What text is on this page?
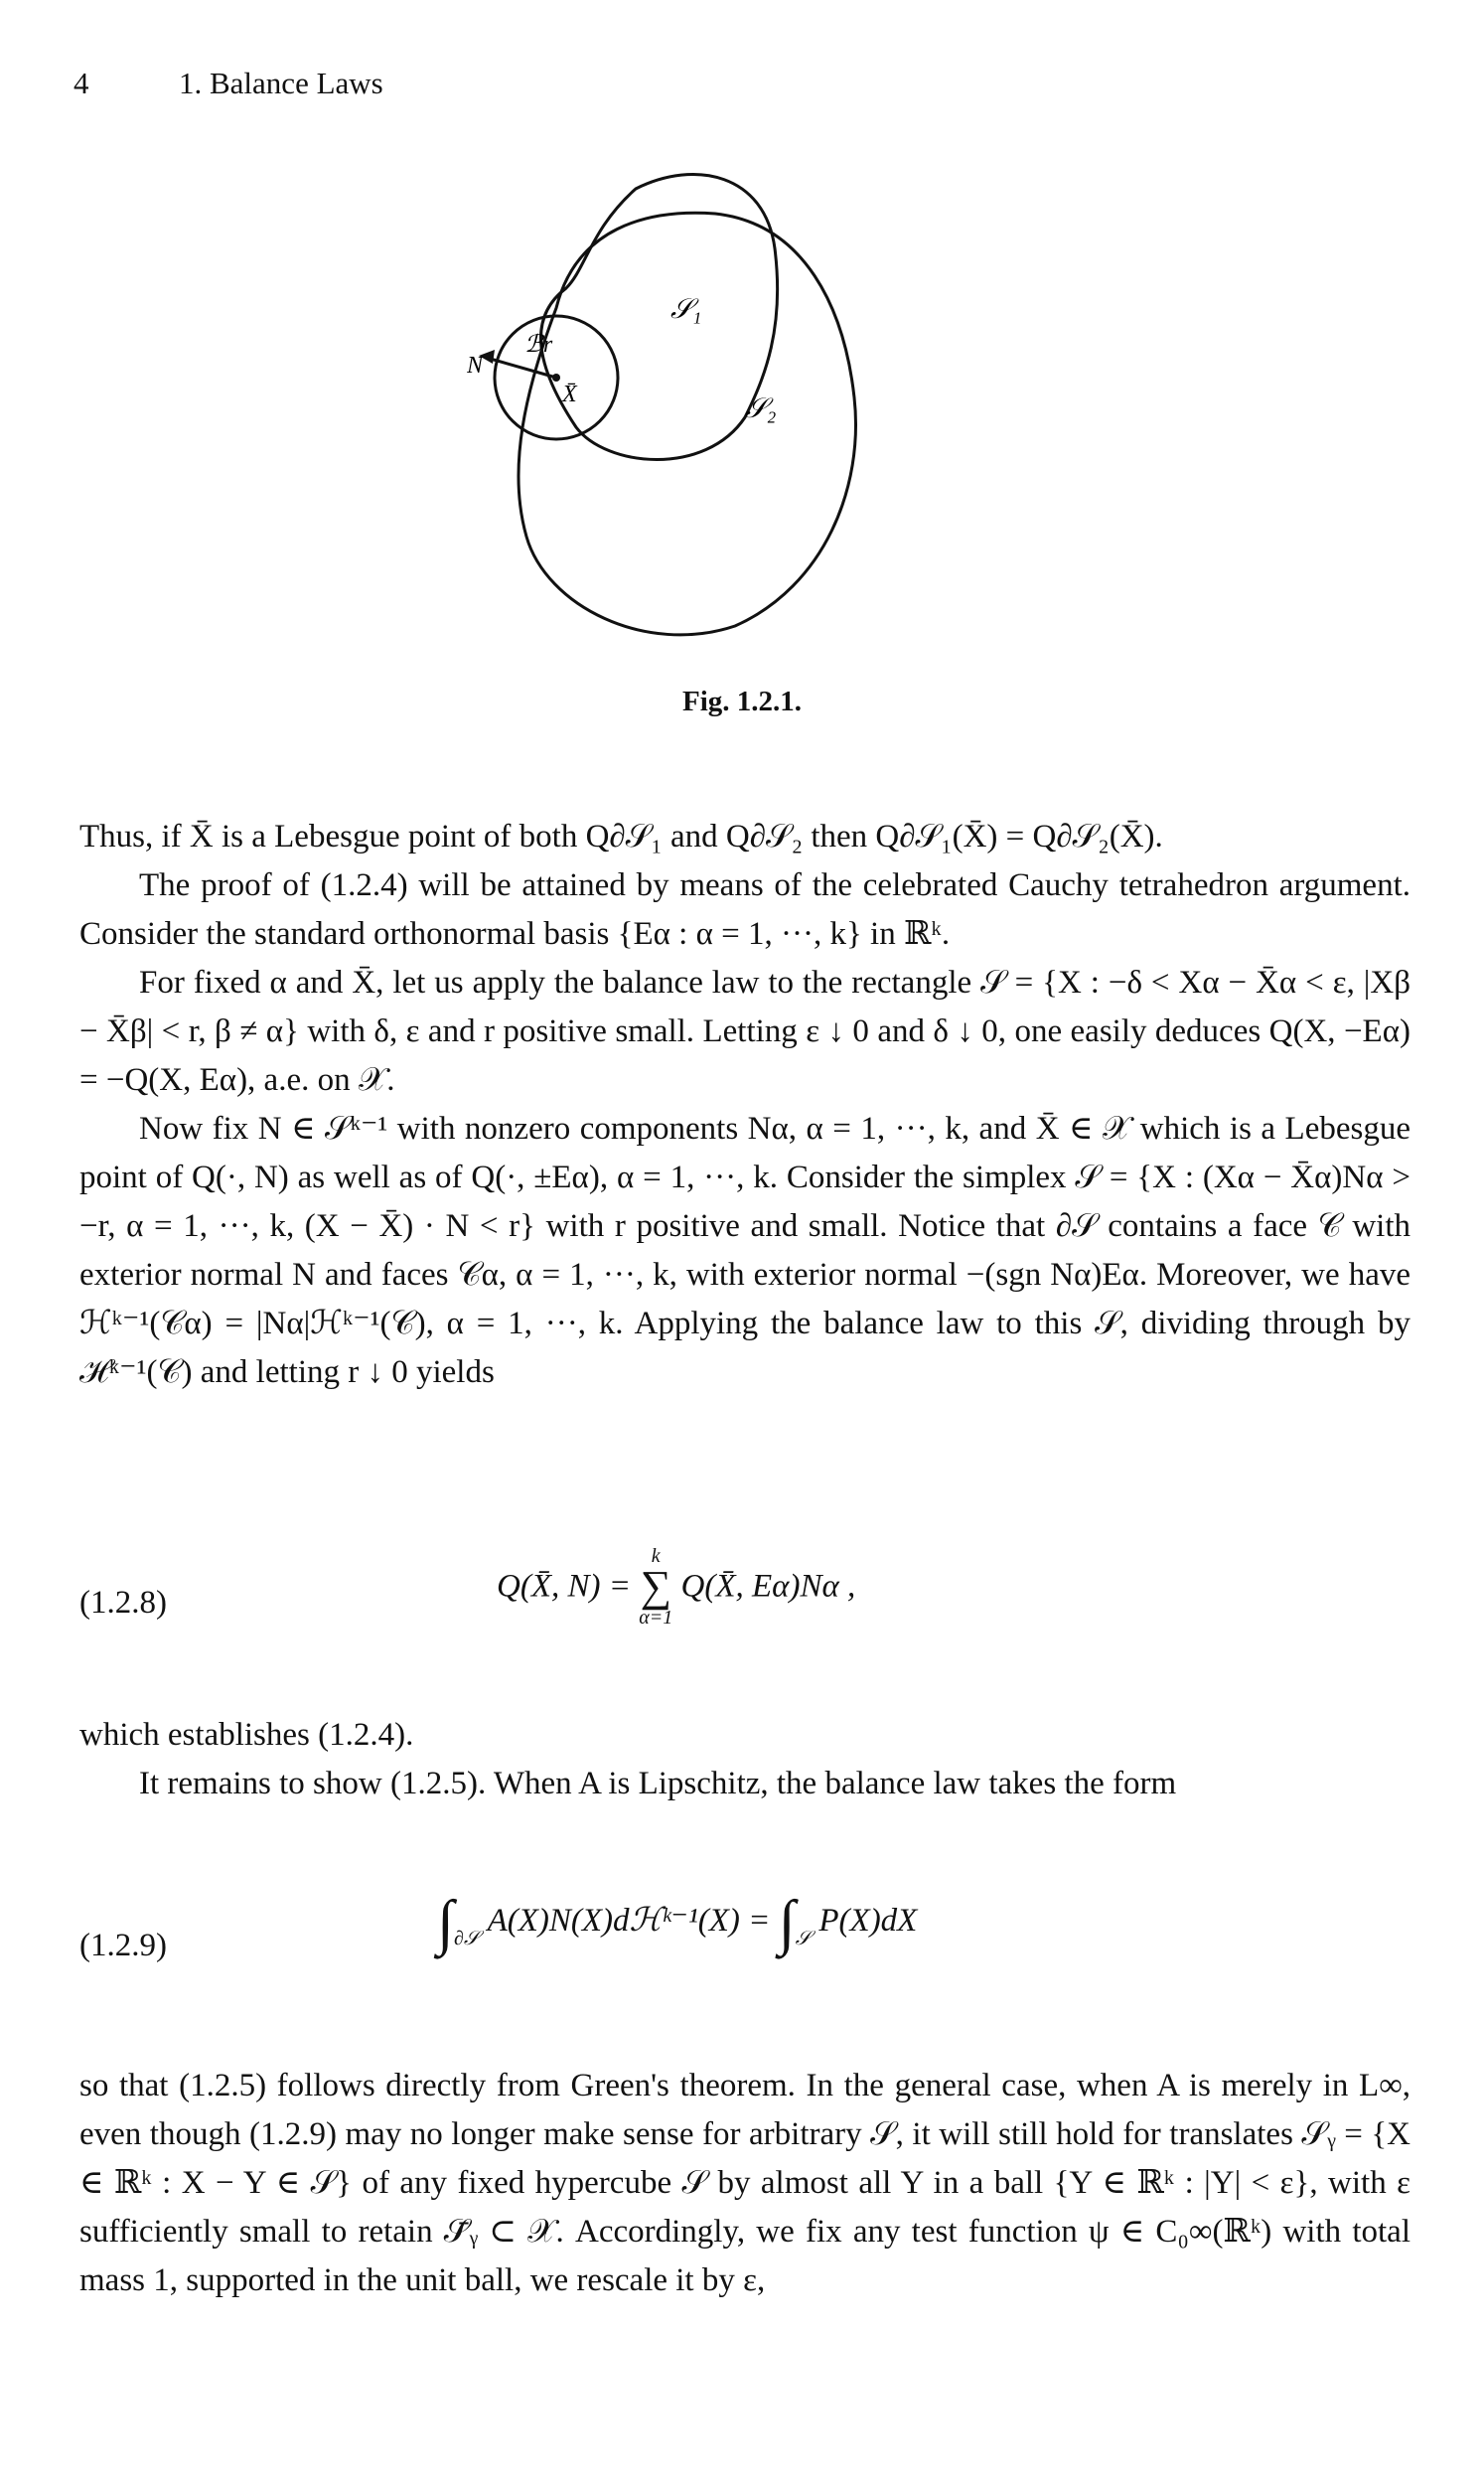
4	1. Balance Laws
N
ℬr
X̄
𝒮₁
𝒮₂
Fig. 1.2.1.

Thus, if X̄ is a Lebesgue point of both Q∂𝒮₁ and Q∂𝒮₂ then Q∂𝒮₁(X̄) = Q∂𝒮₂(X̄).

The proof of (1.2.4) will be attained by means of the celebrated Cauchy tetrahedron argument. Consider the standard orthonormal basis {Eα : α = 1, ···, k} in ℝᵏ.

For fixed α and X̄, let us apply the balance law to the rectangle 𝒮 = {X : −δ < Xα − X̄α < ε, |Xβ − X̄β| < r, β ≠ α} with δ, ε and r positive small. Letting ε ↓ 0 and δ ↓ 0, one easily deduces Q(X, −Eα) = −Q(X, Eα), a.e. on 𝒳.

Now fix N ∈ 𝒮ᵏ⁻¹ with nonzero components Nα, α = 1, ···, k, and X̄ ∈ 𝒳 which is a Lebesgue point of Q(·, N) as well as of Q(·, ±Eα), α = 1, ···, k. Consider the simplex 𝒮 = {X : (Xα − X̄α)Nα > −r, α = 1, ···, k, (X − X̄) · N < r} with r positive and small. Notice that ∂𝒮 contains a face 𝒞 with exterior normal N and faces 𝒞α, α = 1, ···, k, with exterior normal −(sgn Nα)Eα. Moreover, we have ℋᵏ⁻¹(𝒞α) = |Nα|ℋᵏ⁻¹(𝒞), α = 1, ···, k. Applying the balance law to this 𝒮, dividing through by ℋᵏ⁻¹(𝒞) and letting r ↓ 0 yields

(1.2.8)	Q(X̄, N) = k
∑
α=1 Q(X̄, Eα)Nα ,

which establishes (1.2.4).

It remains to show (1.2.5). When A is Lipschitz, the balance law takes the form

(1.2.9)	$\int_{\partial 𝒮}$ A(X)N(X)dℋᵏ⁻¹(X) = $\int_𝒮$ P(X)dX

so that (1.2.5) follows directly from Green's theorem. In the general case, when A is merely in L∞, even though (1.2.9) may no longer make sense for arbitrary 𝒮, it will still hold for translates 𝒮ᵧ = {X ∈ ℝᵏ : X − Y ∈ 𝒮} of any fixed hypercube 𝒮 by almost all Y in a ball {Y ∈ ℝᵏ : |Y| < ε}, with ε sufficiently small to retain 𝒮̄ᵧ ⊂ 𝒳. Accordingly, we fix any test function ψ ∈ C₀∞(ℝᵏ) with total mass 1, supported in the unit ball, we rescale it by ε,
